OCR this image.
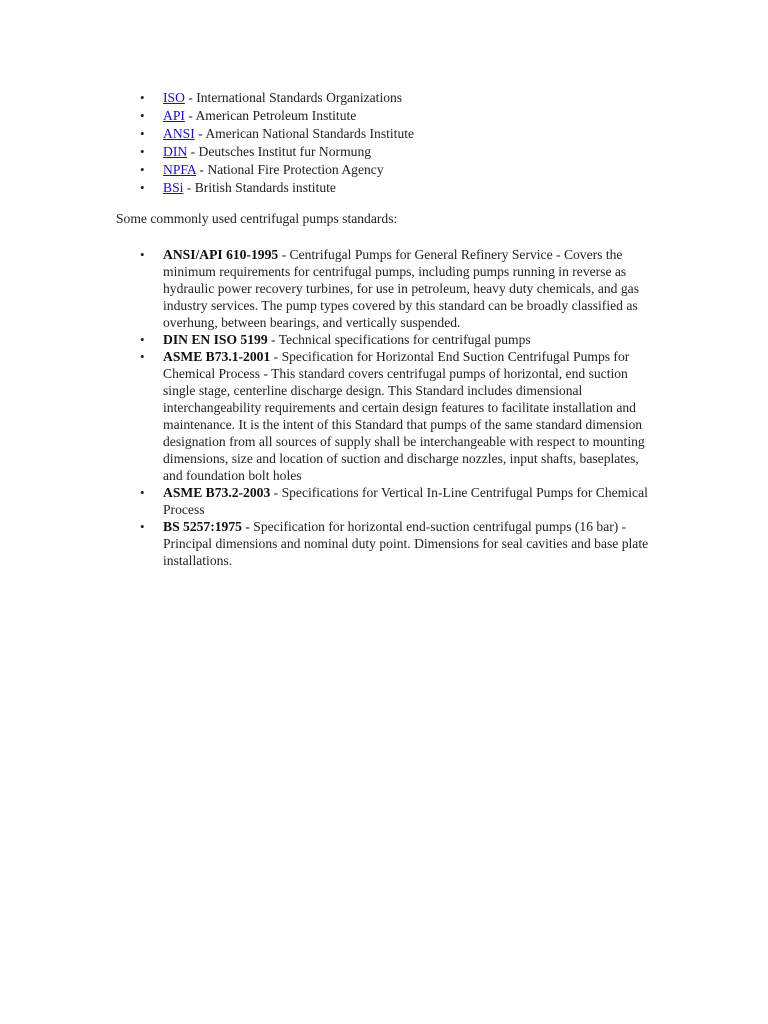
•	ISO - International Standards Organizations
•	API - American Petroleum Institute
•	ANSI - American National Standards Institute
•	DIN - Deutsches Institut fur Normung
•	NPFA - National Fire Protection Agency
•	BSi - British Standards institute

Some commonly used centrifugal pumps standards:

•	ANSI/API 610-1995 - Centrifugal Pumps for General Refinery Service - Covers the minimum requirements for centrifugal pumps, including pumps running in reverse as hydraulic power recovery turbines, for use in petroleum, heavy duty chemicals, and gas industry services. The pump types covered by this standard can be broadly classified as overhung, between bearings, and vertically suspended.
•	DIN EN ISO 5199 - Technical specifications for centrifugal pumps
•	ASME B73.1-2001 - Specification for Horizontal End Suction Centrifugal Pumps for Chemical Process - This standard covers centrifugal pumps of horizontal, end suction single stage, centerline discharge design. This Standard includes dimensional interchangeability requirements and certain design features to facilitate installation and maintenance. It is the intent of this Standard that pumps of the same standard dimension designation from all sources of supply shall be interchangeable with respect to mounting dimensions, size and location of suction and discharge nozzles, input shafts, baseplates, and foundation bolt holes
•	ASME B73.2-2003 - Specifications for Vertical In-Line Centrifugal Pumps for Chemical Process
•	BS 5257:1975 - Specification for horizontal end-suction centrifugal pumps (16 bar) - Principal dimensions and nominal duty point. Dimensions for seal cavities and base plate installations.
